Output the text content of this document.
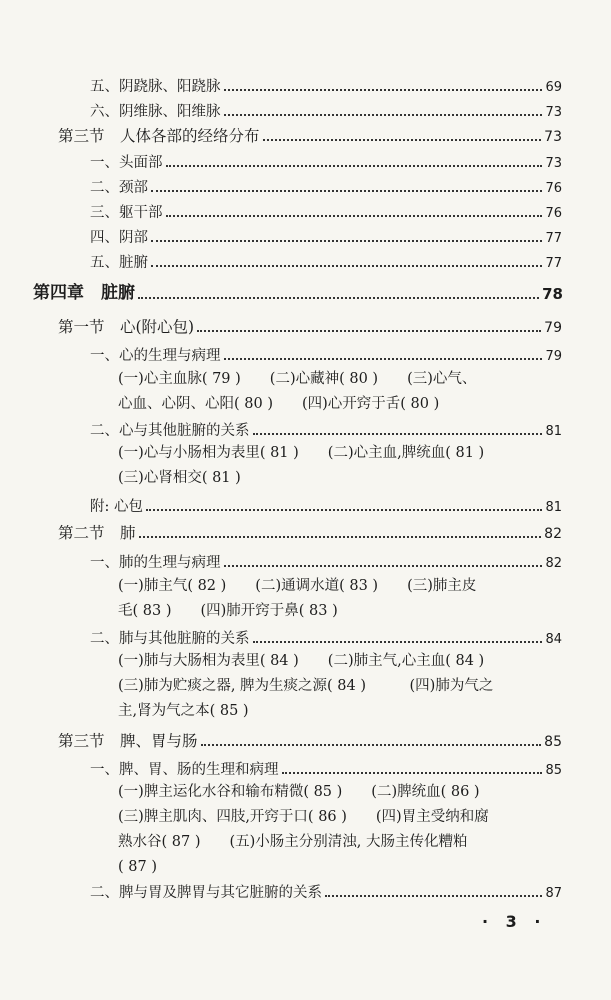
五、阴跷脉、阳跷脉	69
六、阴维脉、阳维脉	73
第三节　人体各部的经络分布	73
一、头面部	73
二、颈部	76
三、躯干部	76
四、阴部	77
五、脏腑	77
第四章　脏腑	78
第一节　心(附心包)	79
一、心的生理与病理	79
(一)心主血脉( 79 )　　(二)心藏神( 80 )　　(三)心气、
心血、心阴、心阳( 80 )　　(四)心开窍于舌( 80 )
二、心与其他脏腑的关系	81
(一)心与小肠相为表里( 81 )　　(二)心主血,脾统血( 81 )
(三)心肾相交( 81 )
附: 心包	81
第二节　肺	82
一、肺的生理与病理	82
(一)肺主气( 82 )　　(二)通调水道( 83 )　　(三)肺主皮
毛( 83 )　　(四)肺开窍于鼻( 83 )
二、肺与其他脏腑的关系	84
(一)肺与大肠相为表里( 84 )　　(二)肺主气,心主血( 84 )
(三)肺为贮痰之器, 脾为生痰之源( 84 )　　　(四)肺为气之
主,肾为气之本( 85 )
第三节　脾、胃与肠	85
一、脾、胃、肠的生理和病理	85
(一)脾主运化水谷和输布精微( 85 )　　(二)脾统血( 86 )
(三)脾主肌肉、四肢,开窍于口( 86 )　　(四)胃主受纳和腐
熟水谷( 87 )　　(五)小肠主分别清浊, 大肠主传化糟粕
( 87 )
二、脾与胃及脾胃与其它脏腑的关系	87
· 3 ·
